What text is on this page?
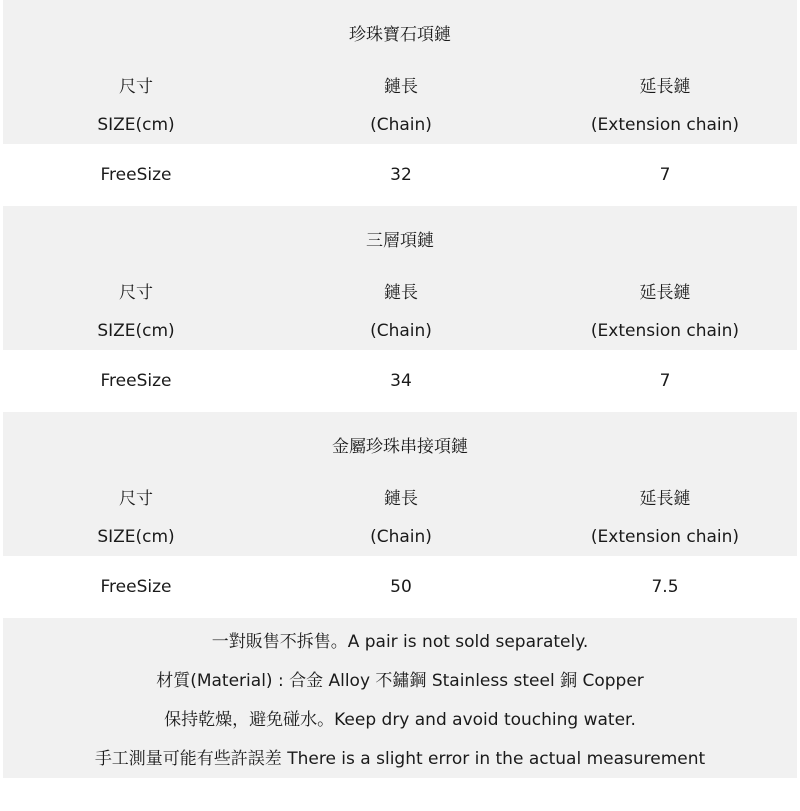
珍珠寶石項鏈
尺寸	鏈長	延長鏈
SIZE(cm)	(Chain)	(Extension chain)
FreeSize	32	7
三層項鏈
尺寸	鏈長	延長鏈
SIZE(cm)	(Chain)	(Extension chain)
FreeSize	34	7
金屬珍珠串接項鏈
尺寸	鏈長	延長鏈
SIZE(cm)	(Chain)	(Extension chain)
FreeSize	50	7.5
一對販售不拆售。A pair is not sold separately.
材質(Material) : 合金 Alloy 不鏽鋼 Stainless steel 銅 Copper
保持乾燥，避免碰水。Keep dry and avoid touching water.
手工測量可能有些許誤差 There is a slight error in the actual measurement
